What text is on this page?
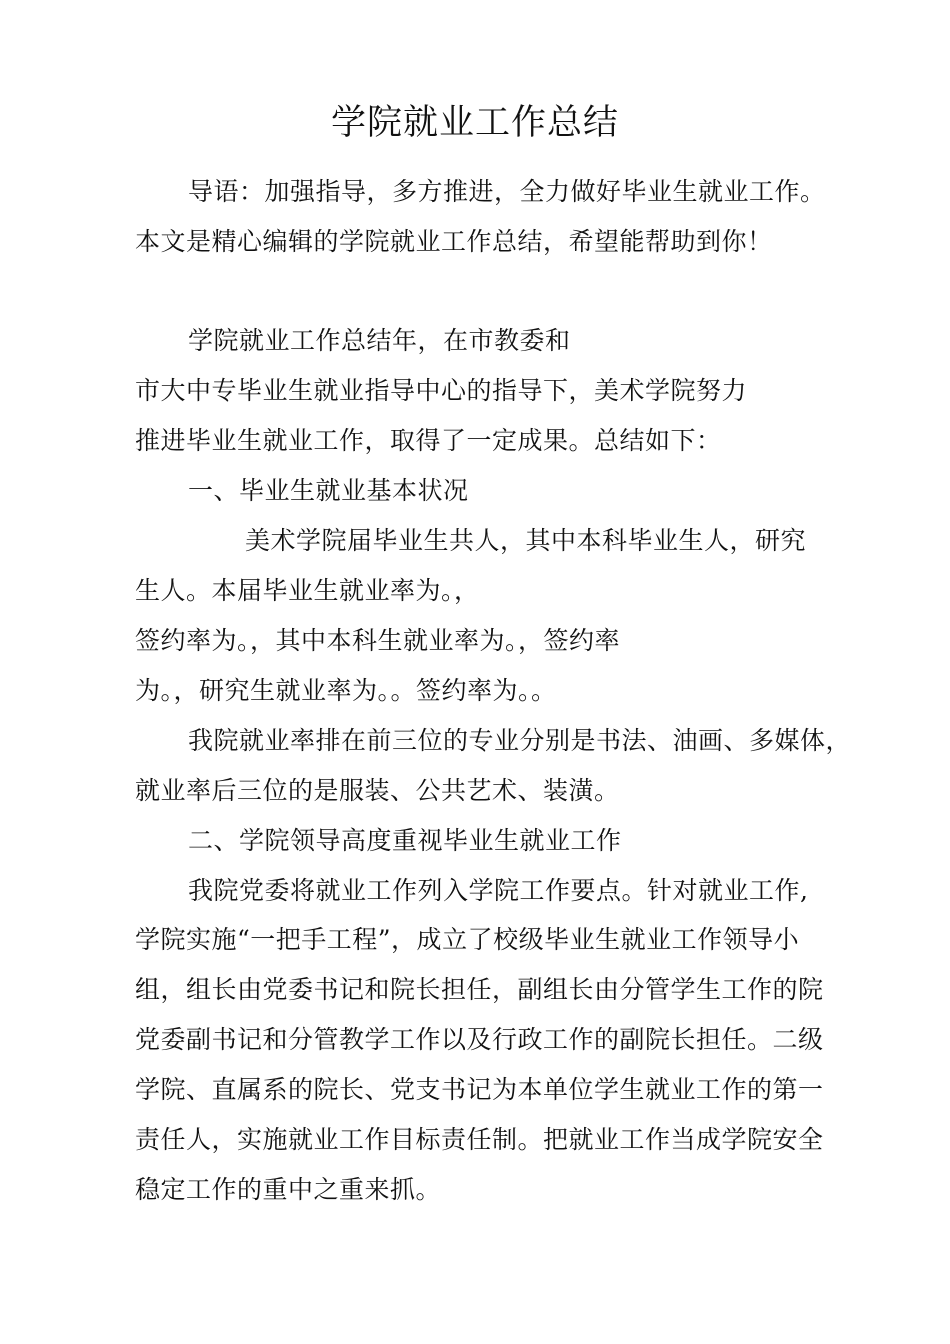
学院就业工作总结
导语：加强指导，多方推进，全力做好毕业生就业工作。
本文是精心编辑的学院就业工作总结，希望能帮助到你！
学院就业工作总结年，在市教委和
市大中专毕业生就业指导中心的指导下，美术学院努力
推进毕业生就业工作，取得了一定成果。总结如下：
一、毕业生就业基本状况
美术学院届毕业生共人，其中本科毕业生人，研究
生人。本届毕业生就业率为。，
签约率为。，其中本科生就业率为。，签约率
为。，研究生就业率为。。签约率为。。
我院就业率排在前三位的专业分别是书法、油画、多媒体，
就业率后三位的是服装、公共艺术、装潢。
二、学院领导高度重视毕业生就业工作
我院党委将就业工作列入学院工作要点。针对就业工作,
学院实施“一把手工程”，成立了校级毕业生就业工作领导小
组，组长由党委书记和院长担任，副组长由分管学生工作的院
党委副书记和分管教学工作以及行政工作的副院长担任。二级
学院、直属系的院长、党支书记为本单位学生就业工作的第一
责任人，实施就业工作目标责任制。把就业工作当成学院安全
稳定工作的重中之重来抓。
